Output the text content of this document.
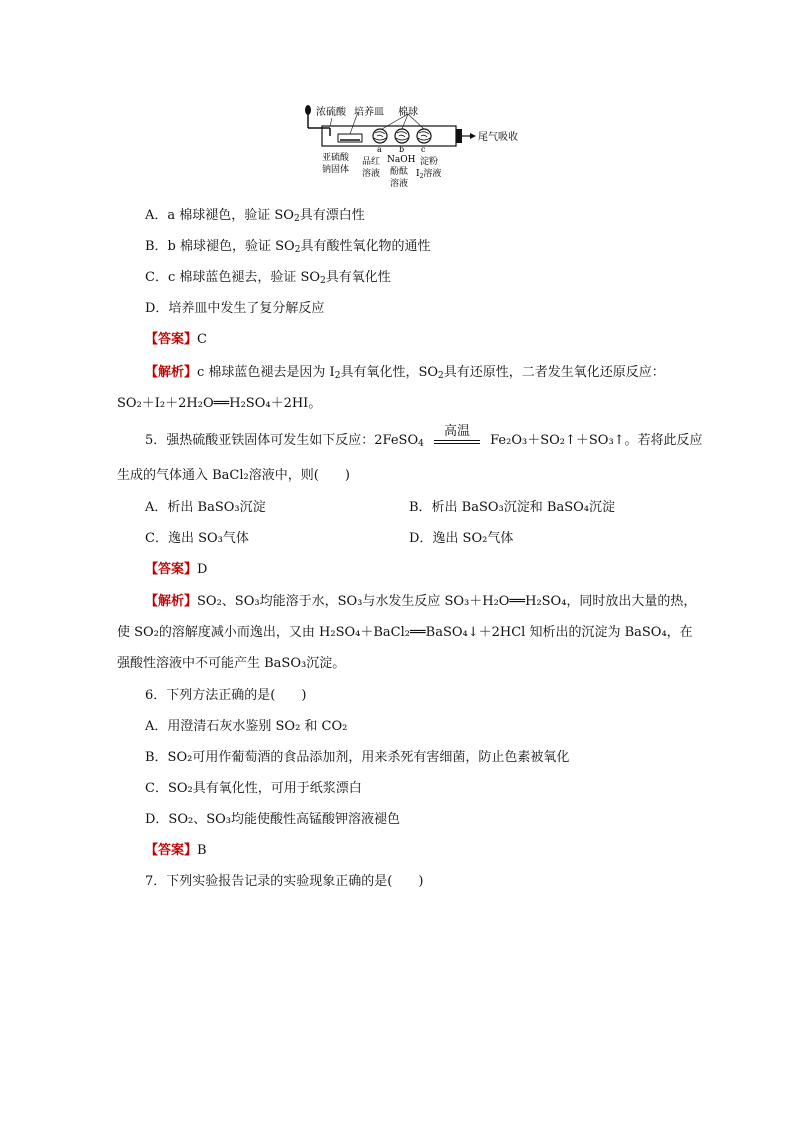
浓硫酸 培养皿 棉球
尾气吸收
亚硫酸
钠固体
a b c
品红
溶液
NaOH
酚酞
溶液
淀粉
$I_2$溶液
A．a 棉球褪色，验证 $SO_2$具有漂白性
B．b 棉球褪色，验证 $SO_2$具有酸性氧化物的通性
C．c 棉球蓝色褪去，验证 $SO_2$具有氧化性
D．培养皿中发生了复分解反应
【答案】C
【解析】c 棉球蓝色褪去是因为 $I_2$具有氧化性，$SO_2$具有还原性，二者发生氧化还原反应：
SO₂＋I₂＋2H₂O══H₂SO₄＋2HI。
5．强热硫酸亚铁固体可发生如下反应：2FeSO$_4$
高温
Fe₂O₃＋SO₂↑＋SO₃↑。若将此反应
生成的气体通入 BaCl₂溶液中，则(　　)
A．析出 BaSO₃沉淀	B．析出 BaSO₃沉淀和 BaSO₄沉淀
C．逸出 SO₃气体	D．逸出 SO₂气体
【答案】D
【解析】SO₂、SO₃均能溶于水，SO₃与水发生反应 SO₃＋H₂O══H₂SO₄，同时放出大量的热，
使 SO₂的溶解度减小而逸出，又由 H₂SO₄＋BaCl₂══BaSO₄↓＋2HCl 知析出的沉淀为 BaSO₄，在
强酸性溶液中不可能产生 BaSO₃沉淀。
6．下列方法正确的是(　　)
A．用澄清石灰水鉴别 SO₂ 和 CO₂
B．SO₂可用作葡萄酒的食品添加剂，用来杀死有害细菌，防止色素被氧化
C．SO₂具有氧化性，可用于纸浆漂白
D．SO₂、SO₃均能使酸性高锰酸钾溶液褪色
【答案】B
7．下列实验报告记录的实验现象正确的是(　　)
